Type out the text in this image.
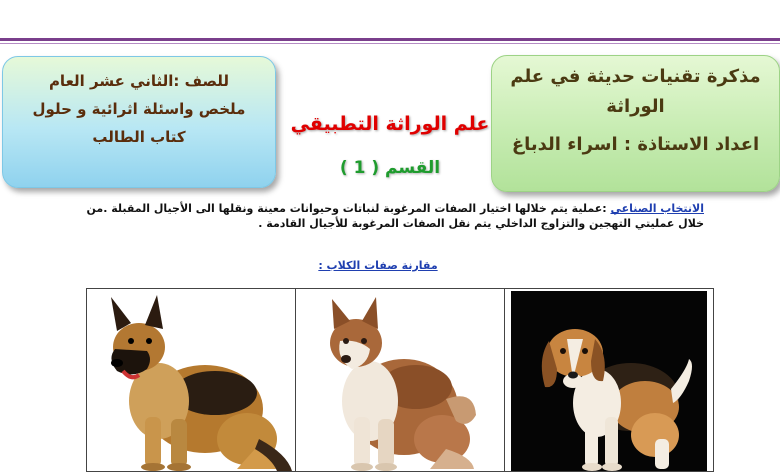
للصف :الثاني عشر العام
ملخص واسئلة اثرائية و حلول
كتاب الطالب
مذكرة تقنيات حديثة في علم
الوراثة
اعداد الاستاذة : اسراء الدباغ
علم الوراثة التطبيقي
القسم ( 1 )
الانتخاب الصناعي :عملية يتم خلالها اختيار الصفات المرغوبة لنباتات وحيوانات معينة ونقلها الى الأجيال المقبلة .من
خلال عمليتي التهجين والتزاوج الداخلي يتم نقل الصفات المرغوبة للأجيال القادمة .
مقارنة صفات الكلاب :
